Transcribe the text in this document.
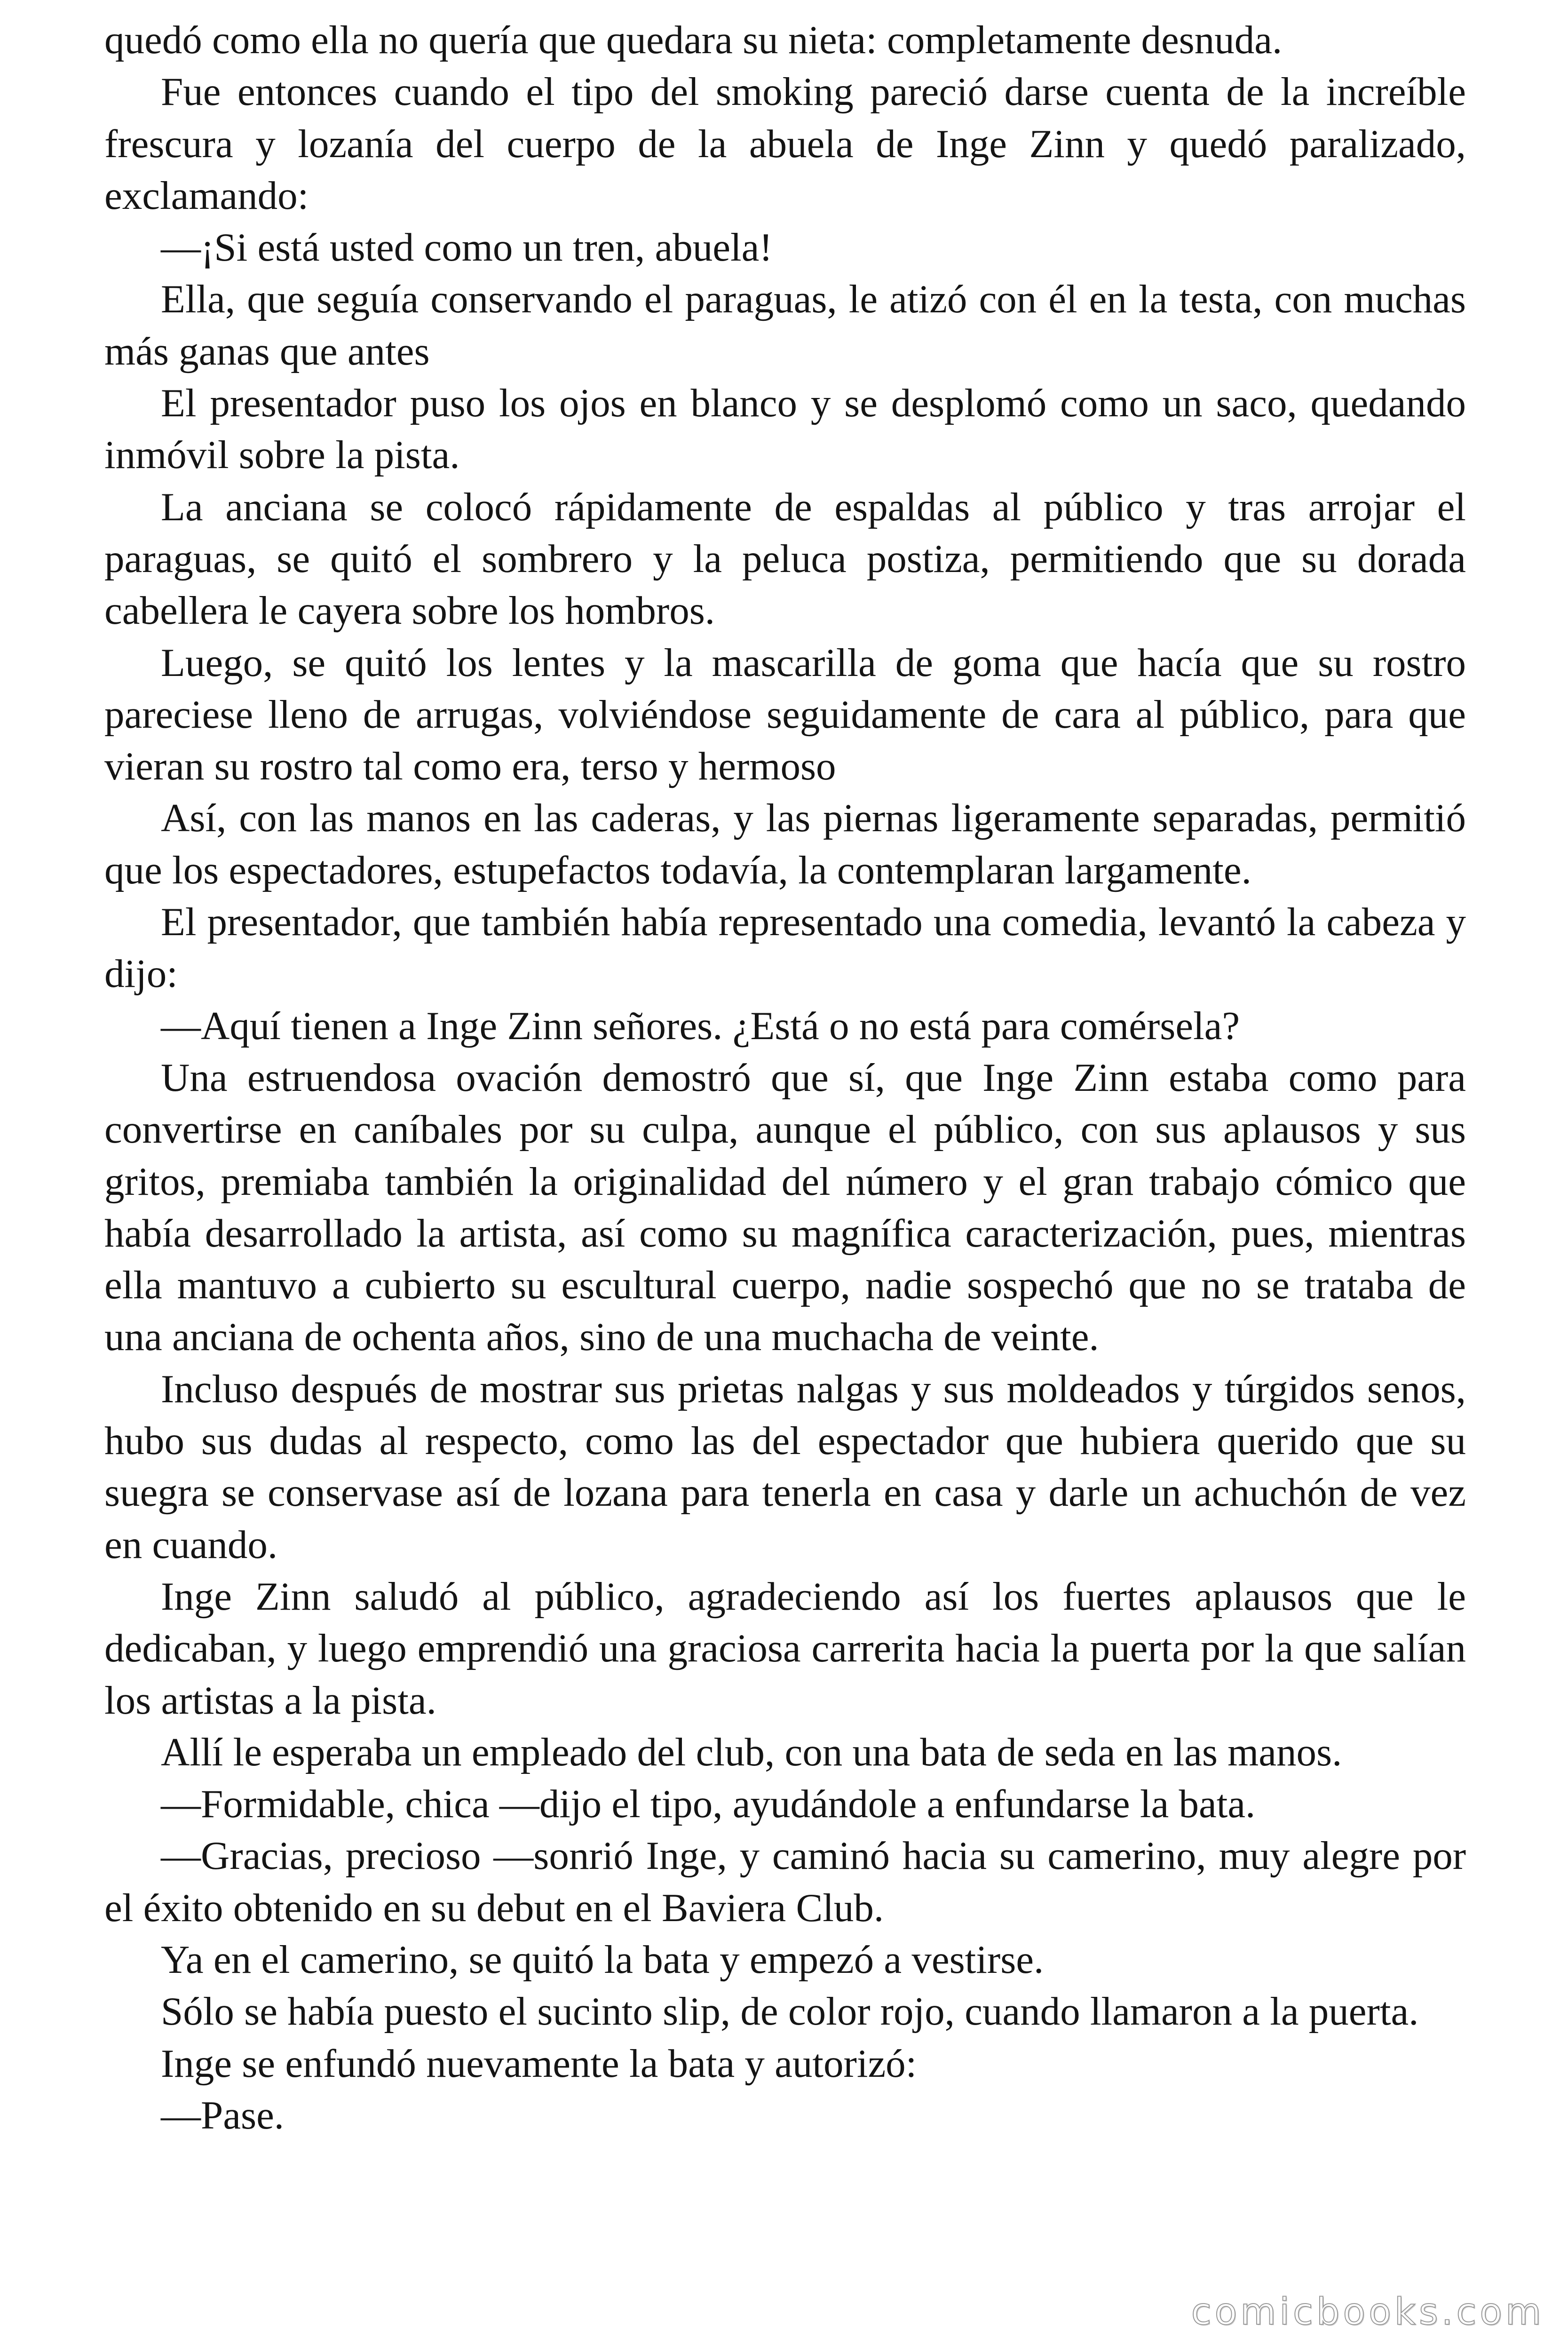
quedó como ella no quería que quedara su nieta: completamente desnuda.

Fue entonces cuando el tipo del smoking pareció darse cuenta de la increíble frescura y lozanía del cuerpo de la abuela de Inge Zinn y quedó paralizado, exclamando:

—¡Si está usted como un tren, abuela!

Ella, que seguía conservando el paraguas, le atizó con él en la testa, con muchas más ganas que antes

El presentador puso los ojos en blanco y se desplomó como un saco, quedando inmóvil sobre la pista.

La anciana se colocó rápidamente de espaldas al público y tras arrojar el paraguas, se quitó el sombrero y la peluca postiza, permitiendo que su dorada cabellera le cayera sobre los hombros.

Luego, se quitó los lentes y la mascarilla de goma que hacía que su rostro pareciese lleno de arrugas, volviéndose seguidamente de cara al público, para que vieran su rostro tal como era, terso y hermoso

Así, con las manos en las caderas, y las piernas ligeramente separadas, permitió que los espectadores, estupefactos todavía, la contemplaran largamente.

El presentador, que también había representado una comedia, levantó la cabeza y dijo:

—Aquí tienen a Inge Zinn señores. ¿Está o no está para comérsela?

Una estruendosa ovación demostró que sí, que Inge Zinn estaba como para convertirse en caníbales por su culpa, aunque el público, con sus aplausos y sus gritos, premiaba también la originalidad del número y el gran trabajo cómico que había desarrollado la artista, así como su magnífica caracterización, pues, mientras ella mantuvo a cubierto su escultural cuerpo, nadie sospechó que no se trataba de una anciana de ochenta años, sino de una muchacha de veinte.

Incluso después de mostrar sus prietas nalgas y sus moldeados y túrgidos senos, hubo sus dudas al respecto, como las del espectador que hubiera querido que su suegra se conservase así de lozana para tenerla en casa y darle un achuchón de vez en cuando.

Inge Zinn saludó al público, agradeciendo así los fuertes aplausos que le dedicaban, y luego emprendió una graciosa carrerita hacia la puerta por la que salían los artistas a la pista.

Allí le esperaba un empleado del club, con una bata de seda en las manos.

—Formidable, chica —dijo el tipo, ayudándole a enfundarse la bata.

—Gracias, precioso —sonrió Inge, y caminó hacia su camerino, muy alegre por el éxito obtenido en su debut en el Baviera Club.

Ya en el camerino, se quitó la bata y empezó a vestirse.

Sólo se había puesto el sucinto slip, de color rojo, cuando llamaron a la puerta.

Inge se enfundó nuevamente la bata y autorizó:

—Pase.

comicbooks.com
